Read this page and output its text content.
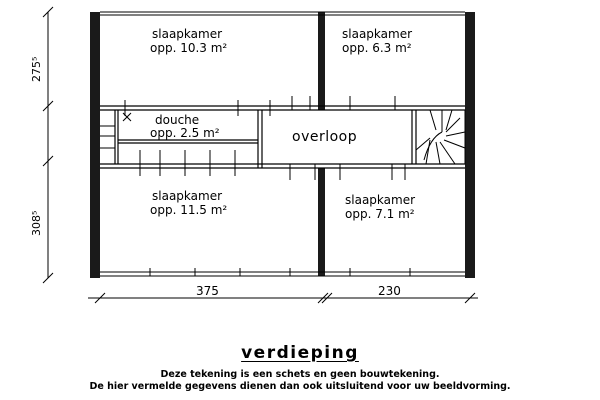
slaapkamer
opp. 10.3 m²
slaapkamer
opp. 6.3 m²
douche
opp. 2.5 m²	overloop
slaapkamer
opp. 11.5 m²
slaapkamer
opp. 7.1 m²
275⁵
308⁵
375	230
verdieping
Deze tekening is een schets en geen bouwtekening.
De hier vermelde gegevens dienen dan ook uitsluitend voor uw beeldvorming.
